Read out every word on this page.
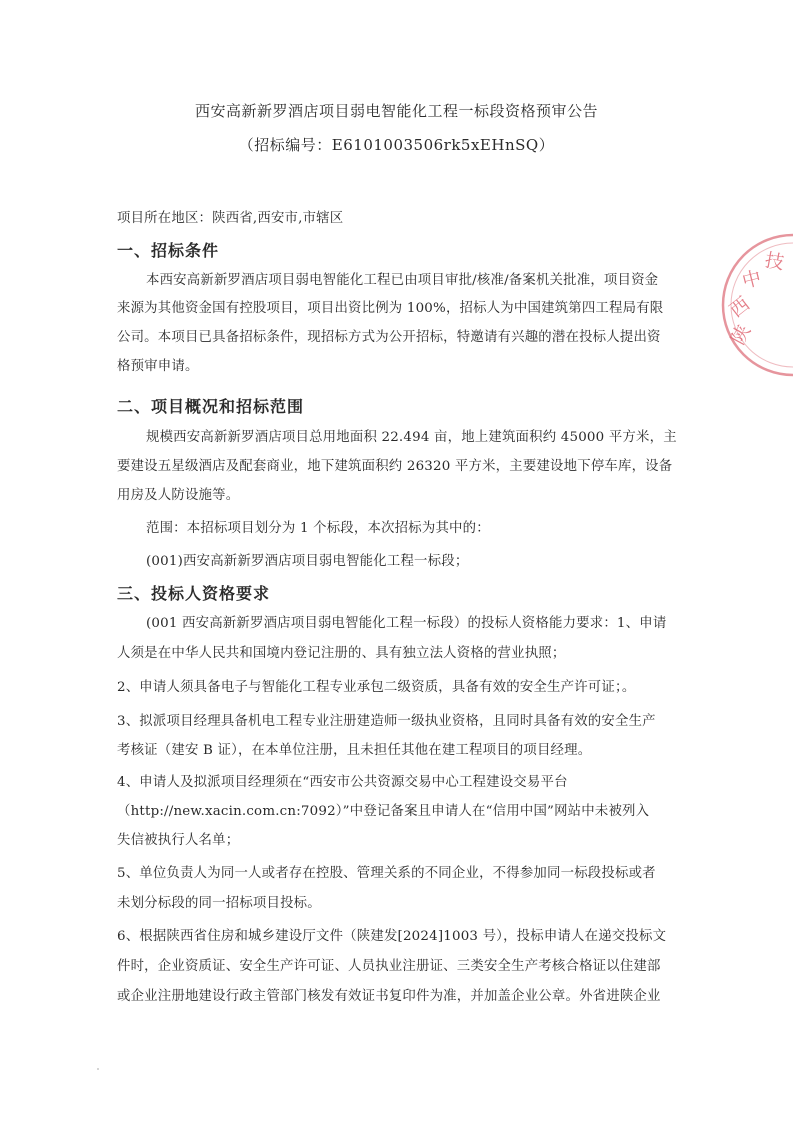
西安高新新罗酒店项目弱电智能化工程一标段资格预审公告
（招标编号：E6101003506rk5xEHnSQ）
项目所在地区：陕西省,西安市,市辖区
一、招标条件
本西安高新新罗酒店项目弱电智能化工程已由项目审批/核准/备案机关批准，项目资金
来源为其他资金国有控股项目，项目出资比例为 100%，招标人为中国建筑第四工程局有限
公司。本项目已具备招标条件，现招标方式为公开招标，特邀请有兴趣的潜在投标人提出资
格预审申请。
二、项目概况和招标范围
规模西安高新新罗酒店项目总用地面积 22.494 亩，地上建筑面积约 45000 平方米，主
要建设五星级酒店及配套商业，地下建筑面积约 26320 平方米，主要建设地下停车库，设备
用房及人防设施等。
范围：本招标项目划分为 1 个标段，本次招标为其中的：
(001)西安高新新罗酒店项目弱电智能化工程一标段；
三、投标人资格要求
(001 西安高新新罗酒店项目弱电智能化工程一标段）的投标人资格能力要求：1、申请
人须是在中华人民共和国境内登记注册的、具有独立法人资格的营业执照；
2、申请人须具备电子与智能化工程专业承包二级资质，具备有效的安全生产许可证；。
3、拟派项目经理具备机电工程专业注册建造师一级执业资格，且同时具备有效的安全生产
考核证（建安 B 证），在本单位注册，且未担任其他在建工程项目的项目经理。
4、申请人及拟派项目经理须在“西安市公共资源交易中心工程建设交易平台
（http://new.xacin.com.cn:7092）”中登记备案且申请人在“信用中国”网站中未被列入
失信被执行人名单；
5、单位负责人为同一人或者存在控股、管理关系的不同企业，不得参加同一标段投标或者
未划分标段的同一招标项目投标。
6、根据陕西省住房和城乡建设厅文件（陕建发[2024]1003 号），投标申请人在递交投标文
件时，企业资质证、安全生产许可证、人员执业注册证、三类安全生产考核合格证以住建部
或企业注册地建设行政主管部门核发有效证书复印件为准，并加盖企业公章。外省进陕企业
陕
西
中
技
